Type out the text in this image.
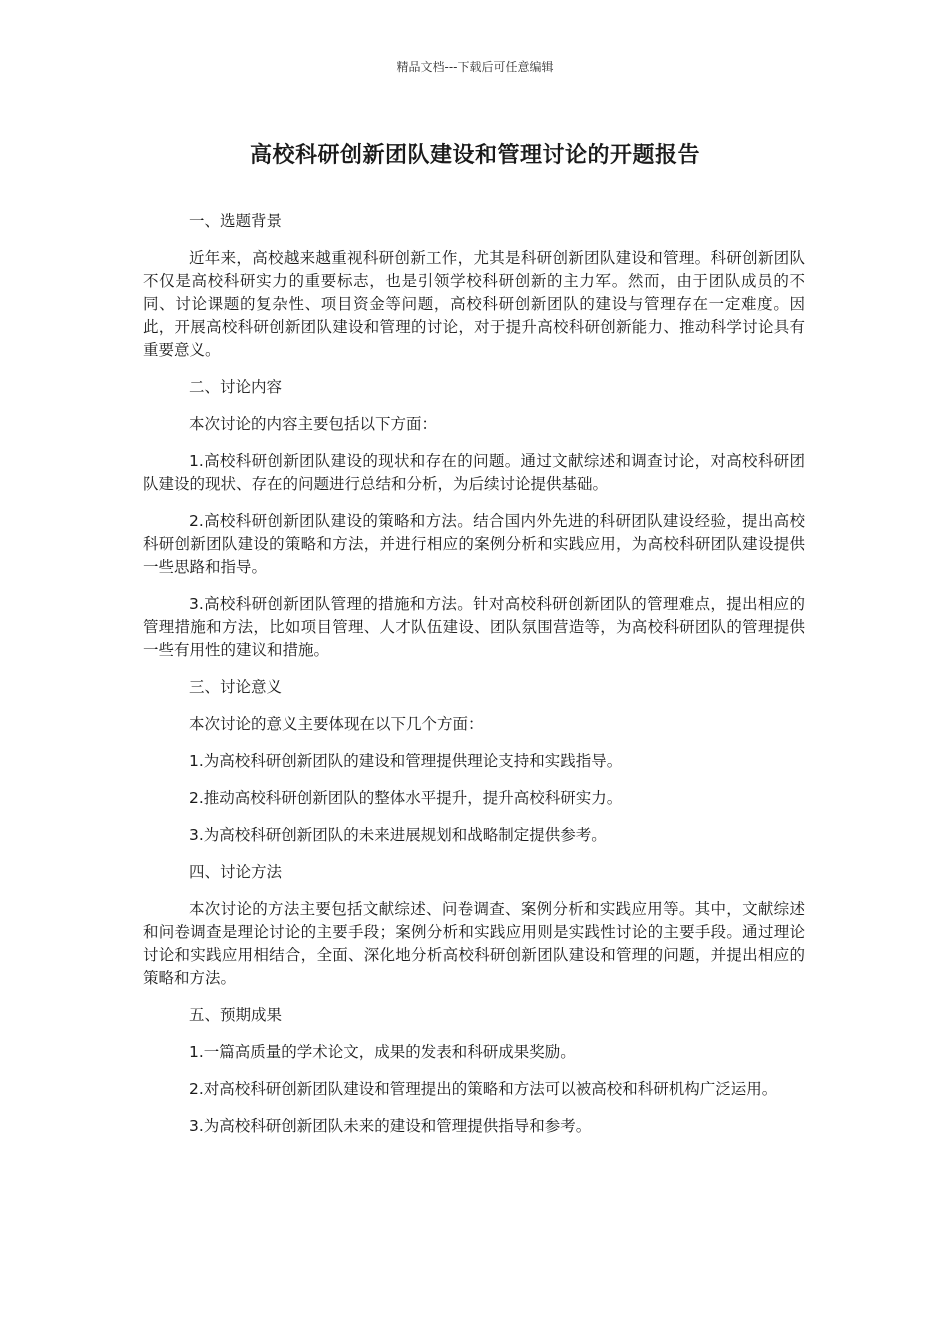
精品文档---下载后可任意编辑
高校科研创新团队建设和管理讨论的开题报告

一、选题背景

近年来，高校越来越重视科研创新工作，尤其是科研创新团队建设和管理。科研创新团队不仅是高校科研实力的重要标志，也是引领学校科研创新的主力军。然而，由于团队成员的不同、讨论课题的复杂性、项目资金等问题，高校科研创新团队的建设与管理存在一定难度。因此，开展高校科研创新团队建设和管理的讨论，对于提升高校科研创新能力、推动科学讨论具有重要意义。

二、讨论内容

本次讨论的内容主要包括以下方面：

1.高校科研创新团队建设的现状和存在的问题。通过文献综述和调查讨论，对高校科研团队建设的现状、存在的问题进行总结和分析，为后续讨论提供基础。

2.高校科研创新团队建设的策略和方法。结合国内外先进的科研团队建设经验，提出高校科研创新团队建设的策略和方法，并进行相应的案例分析和实践应用，为高校科研团队建设提供一些思路和指导。

3.高校科研创新团队管理的措施和方法。针对高校科研创新团队的管理难点，提出相应的管理措施和方法，比如项目管理、人才队伍建设、团队氛围营造等，为高校科研团队的管理提供一些有用性的建议和措施。

三、讨论意义

本次讨论的意义主要体现在以下几个方面：

1.为高校科研创新团队的建设和管理提供理论支持和实践指导。

2.推动高校科研创新团队的整体水平提升，提升高校科研实力。

3.为高校科研创新团队的未来进展规划和战略制定提供参考。

四、讨论方法

本次讨论的方法主要包括文献综述、问卷调查、案例分析和实践应用等。其中，文献综述和问卷调查是理论讨论的主要手段；案例分析和实践应用则是实践性讨论的主要手段。通过理论讨论和实践应用相结合，全面、深化地分析高校科研创新团队建设和管理的问题，并提出相应的策略和方法。

五、预期成果

1.一篇高质量的学术论文，成果的发表和科研成果奖励。

2.对高校科研创新团队建设和管理提出的策略和方法可以被高校和科研机构广泛运用。

3.为高校科研创新团队未来的建设和管理提供指导和参考。
